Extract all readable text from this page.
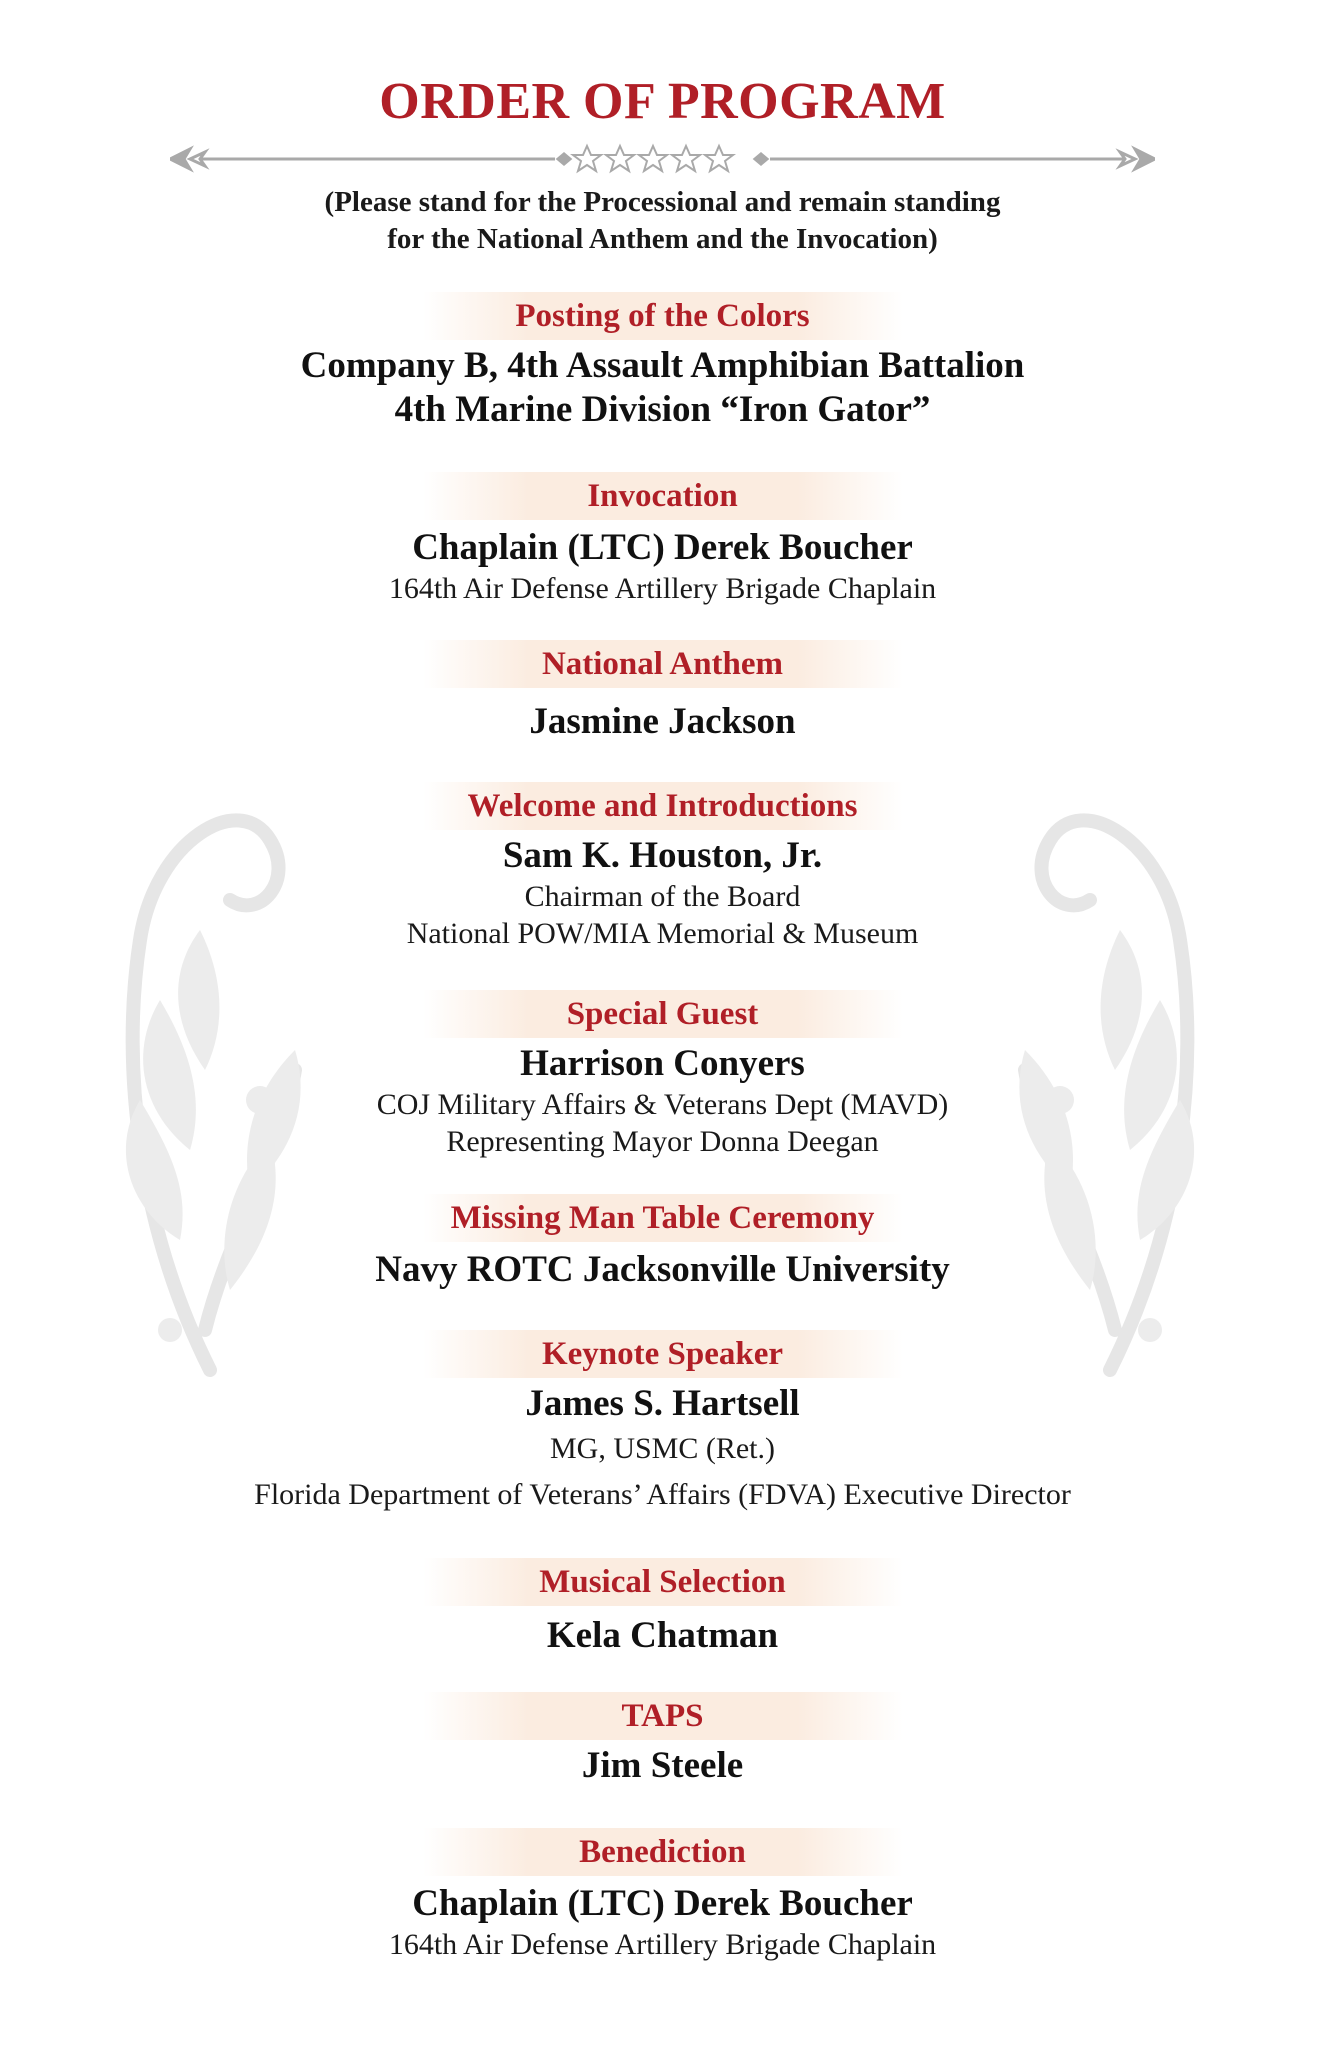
ORDER OF PROGRAM
(Please stand for the Processional and remain standing
for the National Anthem and the Invocation)
Posting of the Colors
Company B, 4th Assault Amphibian Battalion
4th Marine Division “Iron Gator”
Invocation
Chaplain (LTC) Derek Boucher
164th Air Defense Artillery Brigade Chaplain
National Anthem
Jasmine Jackson
Welcome and Introductions
Sam K. Houston, Jr.
Chairman of the Board
National POW/MIA Memorial & Museum
Special Guest
Harrison Conyers
COJ Military Affairs & Veterans Dept (MAVD)
Representing Mayor Donna Deegan
Missing Man Table Ceremony
Navy ROTC Jacksonville University
Keynote Speaker
James S. Hartsell
MG, USMC (Ret.)
Florida Department of Veterans’ Affairs (FDVA) Executive Director
Musical Selection
Kela Chatman
TAPS
Jim Steele
Benediction
Chaplain (LTC) Derek Boucher
164th Air Defense Artillery Brigade Chaplain
